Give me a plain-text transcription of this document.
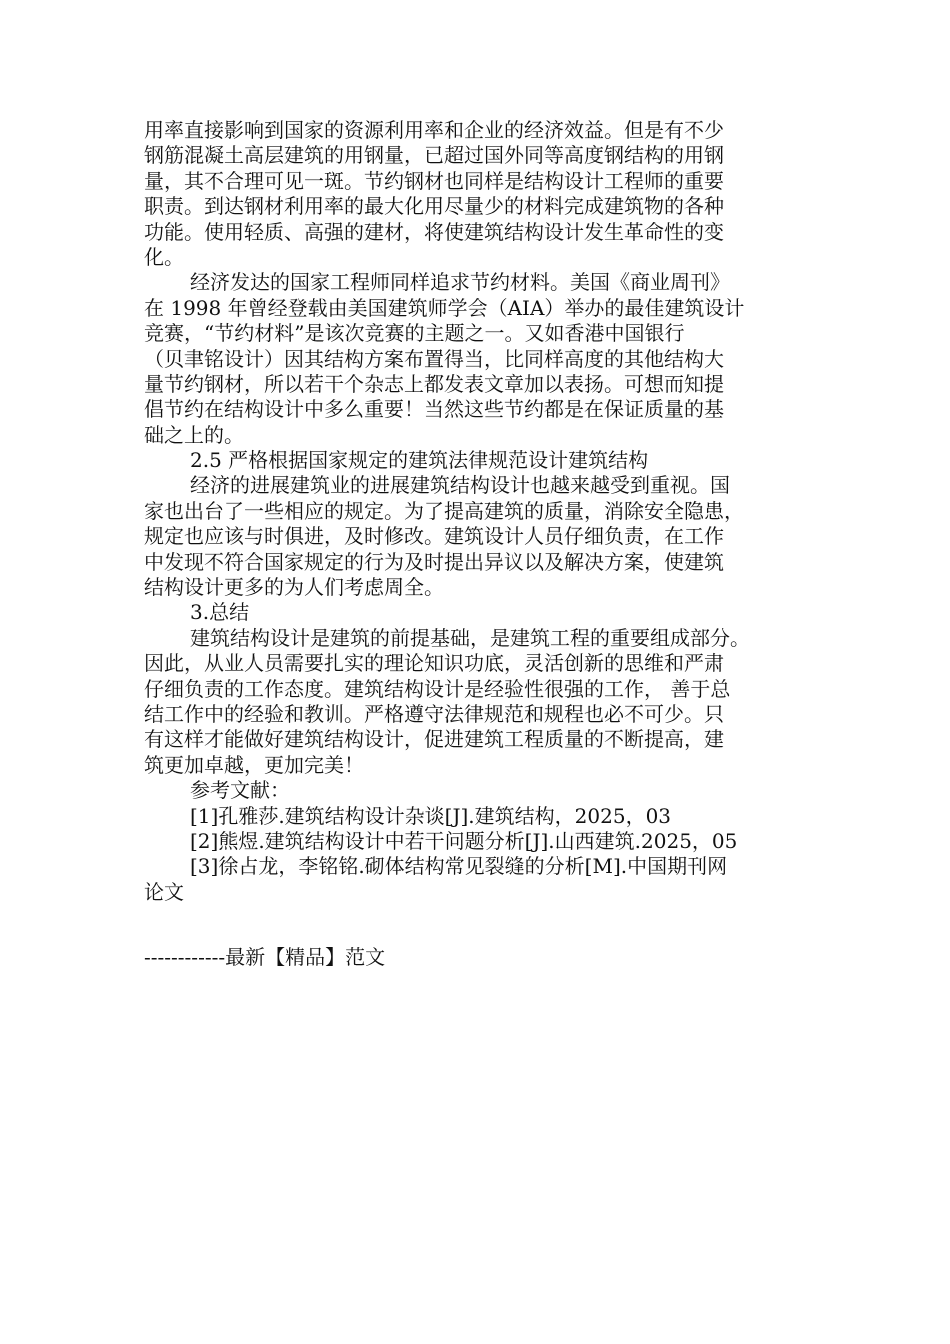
用率直接影响到国家的资源利用率和企业的经济效益。但是有不少
钢筋混凝土高层建筑的用钢量，已超过国外同等高度钢结构的用钢
量，其不合理可见一斑。节约钢材也同样是结构设计工程师的重要
职责。到达钢材利用率的最大化用尽量少的材料完成建筑物的各种
功能。使用轻质、高强的建材，将使建筑结构设计发生革命性的变
化。
经济发达的国家工程师同样追求节约材料。美国《商业周刊》
在 1998 年曾经登载由美国建筑师学会（AIA）举办的最佳建筑设计
竞赛，“节约材料”是该次竞赛的主题之一。又如香港中国银行
（贝聿铭设计）因其结构方案布置得当，比同样高度的其他结构大
量节约钢材，所以若干个杂志上都发表文章加以表扬。可想而知提
倡节约在结构设计中多么重要！当然这些节约都是在保证质量的基
础之上的。
2.5 严格根据国家规定的建筑法律规范设计建筑结构
经济的进展建筑业的进展建筑结构设计也越来越受到重视。国
家也出台了一些相应的规定。为了提高建筑的质量，消除安全隐患，
规定也应该与时俱进，及时修改。建筑设计人员仔细负责，在工作
中发现不符合国家规定的行为及时提出异议以及解决方案，使建筑
结构设计更多的为人们考虑周全。
3.总结
建筑结构设计是建筑的前提基础，是建筑工程的重要组成部分。
因此，从业人员需要扎实的理论知识功底，灵活创新的思维和严肃
仔细负责的工作态度。建筑结构设计是经验性很强的工作， 善于总
结工作中的经验和教训。严格遵守法律规范和规程也必不可少。只
有这样才能做好建筑结构设计，促进建筑工程质量的不断提高，建
筑更加卓越，更加完美！
参考文献：
[1]孔雅莎.建筑结构设计杂谈[J].建筑结构，2025，03
[2]熊煜.建筑结构设计中若干问题分析[J].山西建筑.2025，05
[3]徐占龙，李铭铭.砌体结构常见裂缝的分析[M].中国期刊网
论文
------------最新【精品】范文
